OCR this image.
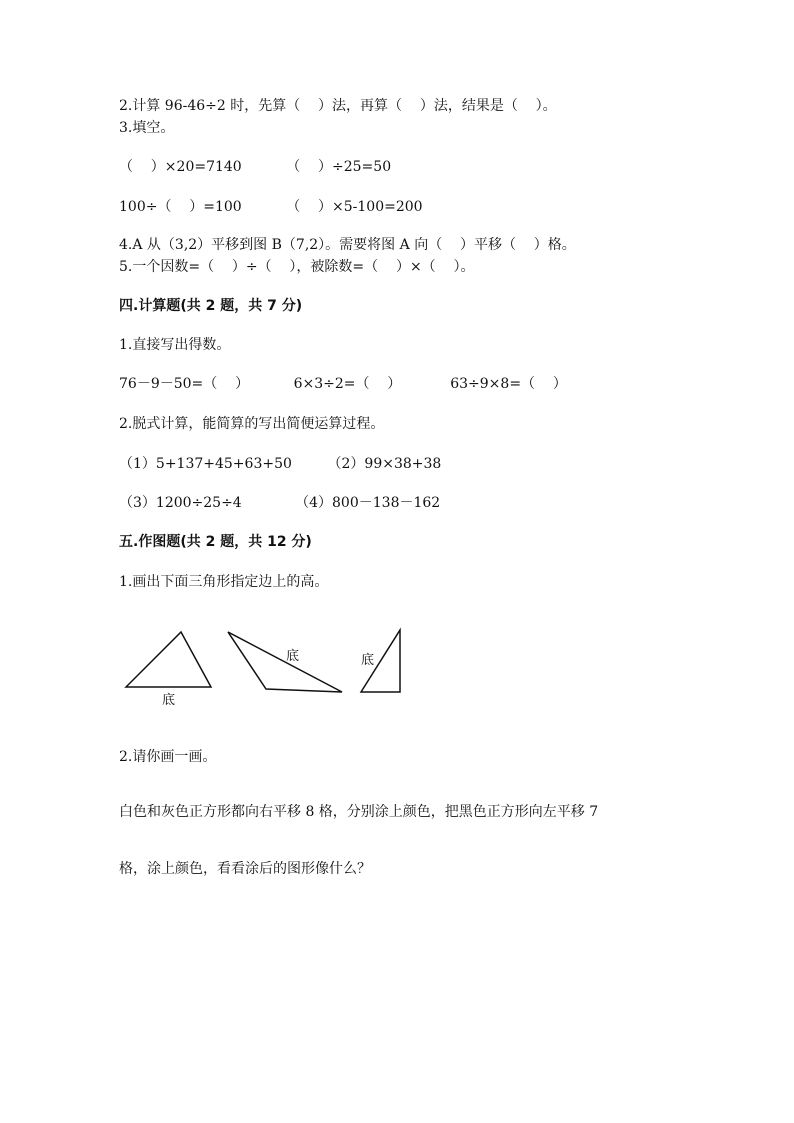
2.计算 96-46÷2 时，先算（    ）法，再算（    ）法，结果是（    ）。
3.填空。
（    ）×20=7140          （    ）÷25=50
100÷（    ）=100          （    ）×5-100=200
4.A 从（3,2）平移到图 B（7,2）。需要将图 A 向（    ）平移（    ）格。
5.一个因数=（    ）÷（    ），被除数=（    ）×（    ）。
四.计算题(共 2 题，共 7 分)
1.直接写出得数。
76－9－50=（    ）          6×3÷2=（    ）           63÷9×8=（    ）
2.脱式计算，能简算的写出简便运算过程。
（1）5+137+45+63+50        （2）99×38+38
（3）1200÷25÷4            （4）800－138－162
五.作图题(共 2 题，共 12 分)
1.画出下面三角形指定边上的高。
底
底	底
2.请你画一画。
白色和灰色正方形都向右平移 8 格，分别涂上颜色，把黑色正方形向左平移 7
格，涂上颜色，看看涂后的图形像什么？
